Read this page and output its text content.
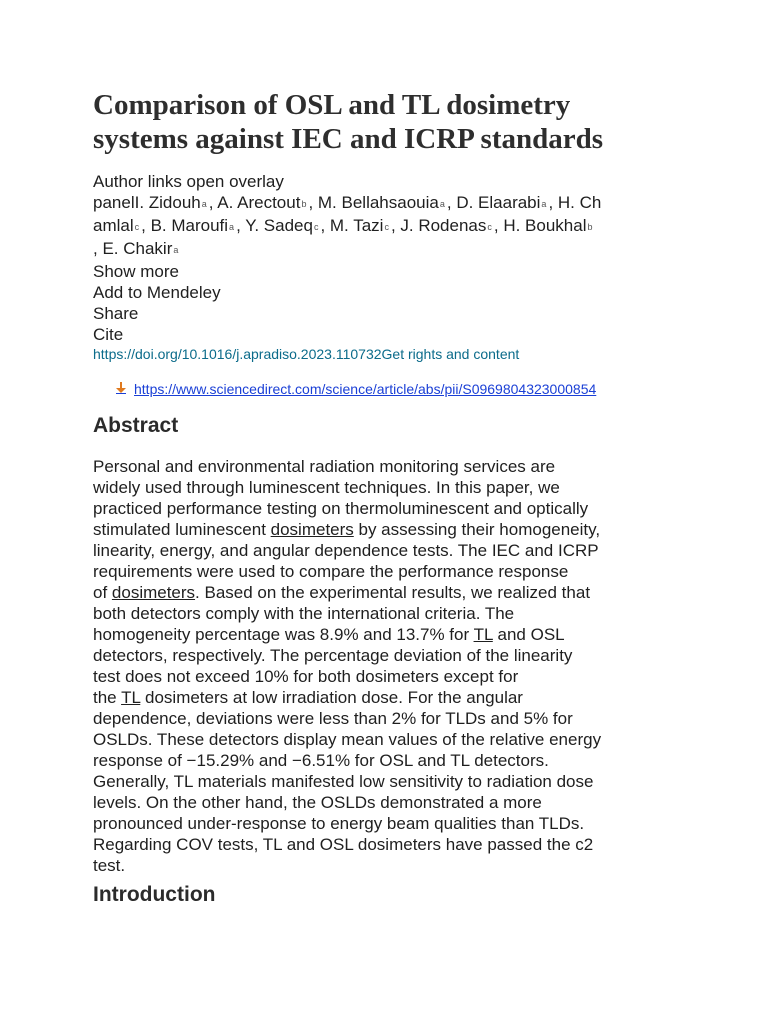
Comparison of OSL and TL dosimetry
systems against IEC and ICRP standards
Author links open overlay
panelI. Zidouha , A. Arectoutb , M. Bellahsaouiaa , D. Elaarabia , H. Ch
amlalc , B. Maroufia , Y. Sadeqc , M. Tazic , J. Rodenasc , H. Boukhalb
, E. Chakira
Show more
Add to Mendeley
Share
Cite
https://doi.org/10.1016/j.apradiso.2023.110732Get rights and content
https://www.sciencedirect.com/science/article/abs/pii/S0969804323000854
Abstract
Personal and environmental radiation monitoring services are
widely used through luminescent techniques. In this paper, we
practiced performance testing on thermoluminescent and optically
stimulated luminescent dosimeters by assessing their homogeneity,
linearity, energy, and angular dependence tests. The IEC and ICRP
requirements were used to compare the performance response
of dosimeters. Based on the experimental results, we realized that
both detectors comply with the international criteria. The
homogeneity percentage was 8.9% and 13.7% for TL and OSL
detectors, respectively. The percentage deviation of the linearity
test does not exceed 10% for both dosimeters except for
the TL dosimeters at low irradiation dose. For the angular
dependence, deviations were less than 2% for TLDs and 5% for
OSLDs. These detectors display mean values of the relative energy
response of −15.29% and −6.51% for OSL and TL detectors.
Generally, TL materials manifested low sensitivity to radiation dose
levels. On the other hand, the OSLDs demonstrated a more
pronounced under-response to energy beam qualities than TLDs.
Regarding COV tests, TL and OSL dosimeters have passed the c2
test.
Introduction
